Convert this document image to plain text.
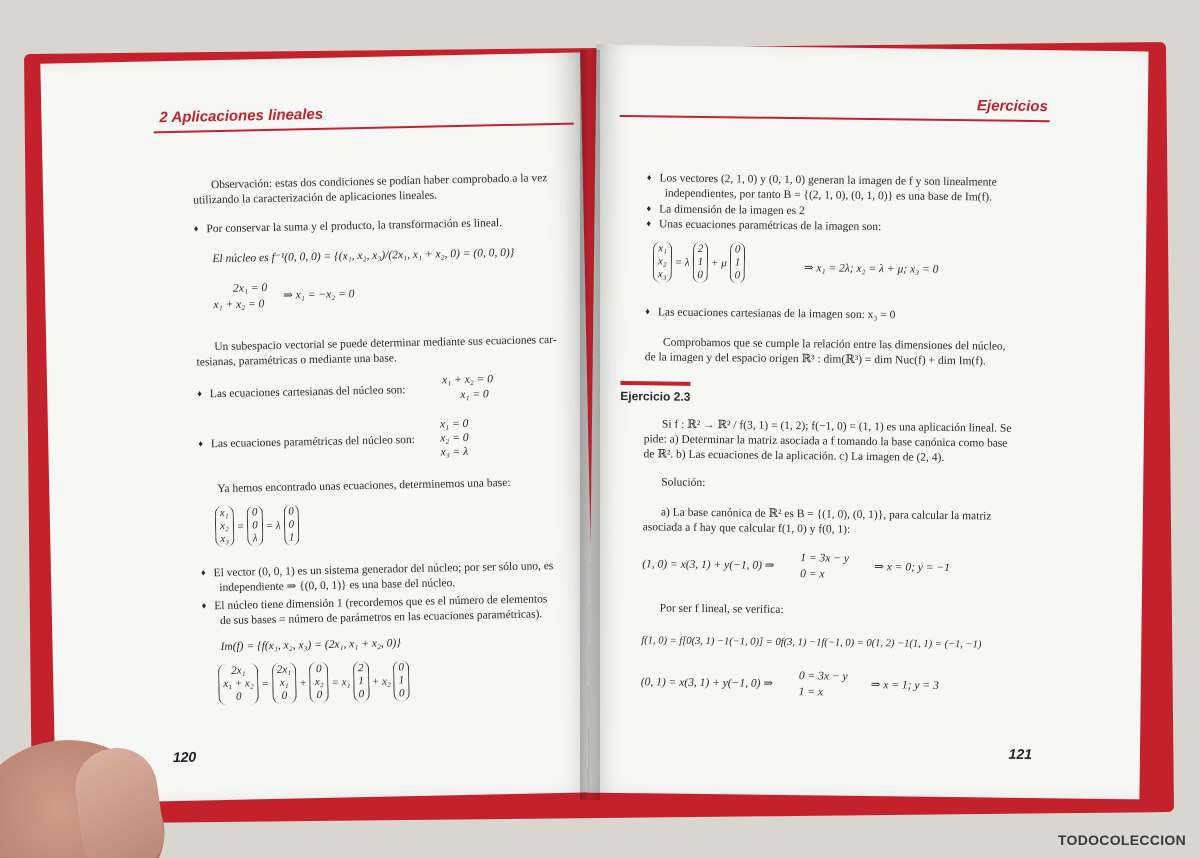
2 Aplicaciones lineales
Observación: estas dos condiciones se podían haber comprobado a la vez
utilizando la caracterización de aplicaciones lineales.
♦ Por conservar la suma y el producto, la transformación es lineal.
El núcleo es f⁻¹(0, 0, 0) = {(x₁, x₂, x₃)/(2x₁, x₁ + x₂, 0) = (0, 0, 0)}
2x₁ = 0
x₁ + x₂ = 0
⇒ x₁ = −x₂ = 0
Un subespacio vectorial se puede determinar mediante sus ecuaciones car-
tesianas, paramétricas o mediante una base.
♦ Las ecuaciones cartesianas del núcleo son:
x₁ + x₂ = 0
x₁ = 0
♦ Las ecuaciones paramétricas del núcleo son:
x₁ = 0
x₂ = 0
x₃ = λ
Ya hemos encontrado unas ecuaciones, determinemos una base:
x₁
x₂
x₃
=
0
0
λ
= λ
0
0
1
♦ El vector (0, 0, 1) es un sistema generador del núcleo; por ser sólo uno, es
independiente ⇒ {(0, 0, 1)} es una base del núcleo.
♦ El núcleo tiene dimensión 1 (recordemos que es el número de elementos
de sus bases = número de parámetros en las ecuaciones paramétricas).
Im(f) = {f(x₁, x₂, x₃) = (2x₁, x₁ + x₂, 0)}
2x₁
x₁ + x₂
0
=
2x₁
x₁
0
+
0
x₂
0
= x₁
2
1
0
+ x₂
0
1
0
120
Ejercicios
♦ Los vectores (2, 1, 0) y (0, 1, 0) generan la imagen de f y son linealmente
independientes, por tanto B = {(2, 1, 0), (0, 1, 0)} es una base de Im(f).
♦ La dimensión de la imagen es 2
♦ Unas ecuaciones paramétricas de la imagen son:
x₁
x₂
x₃
= λ
2
1
0
+ μ
0
1
0	⇒ x₁ = 2λ; x₂ = λ + μ; x₃ = 0
♦ Las ecuaciones cartesianas de la imagen son: x₃ = 0
Comprobamos que se cumple la relación entre las dimensiones del núcleo,
de la imagen y del espacio origen ℝ³ : dim(ℝ³) = dim Nuc(f) + dim Im(f).
Ejercicio 2.3
Si f : ℝ² → ℝ² / f(3, 1) = (1, 2); f(−1, 0) = (1, 1) es una aplicación lineal. Se
pide: a) Determinar la matriz asociada a f tomando la base canónica como base
de ℝ². b) Las ecuaciones de la aplicación. c) La imagen de (2, 4).
Solución:
a) La base canónica de ℝ² es B = {(1, 0), (0, 1)}, para calcular la matriz
asociada a f hay que calcular f(1, 0) y f(0, 1):
(1, 0) = x(3, 1) + y(−1, 0) ⇒ 1 = 3x − y
0 = x
⇒ x = 0; y = −1
Por ser f lineal, se verifica:
f(1, 0) = f[0(3, 1) −1(−1, 0)] = 0f(3, 1) −1f(−1, 0) = 0(1, 2) −1(1, 1) = (−1, −1)
(0, 1) = x(3, 1) + y(−1, 0) ⇒ 0 = 3x − y
1 = x
⇒ x = 1; y = 3
121
TODOCOLECCION
